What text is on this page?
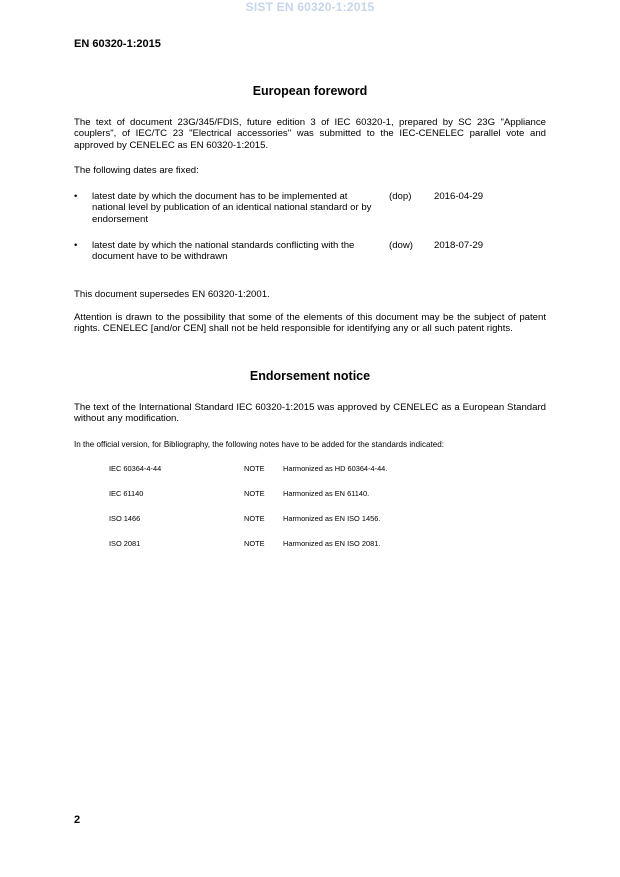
SIST EN 60320-1:2015
EN 60320-1:2015
European foreword
The text of document 23G/345/FDIS, future edition 3 of IEC 60320-1, prepared by SC 23G "Appliance couplers", of IEC/TC 23 "Electrical accessories" was submitted to the IEC-CENELEC parallel vote and approved by CENELEC as EN 60320-1:2015.
The following dates are fixed:
• latest date by which the document has to be implemented at national level by publication of an identical national standard or by endorsement
(dop) 2016-04-29
• latest date by which the national standards conflicting with the document have to be withdrawn
(dow) 2018-07-29
This document supersedes EN 60320-1:2001.
Attention is drawn to the possibility that some of the elements of this document may be the subject of patent rights. CENELEC [and/or CEN] shall not be held responsible for identifying any or all such patent rights.
Endorsement notice
The text of the International Standard IEC 60320-1:2015 was approved by CENELEC as a European Standard without any modification.
In the official version, for Bibliography, the following notes have to be added for the standards indicated:
IEC 60364-4-44	NOTE Harmonized as HD 60364-4-44.
IEC 61140	NOTE Harmonized as EN 61140.
ISO 1466	NOTE Harmonized as EN ISO 1456.
ISO 2081	NOTE Harmonized as EN ISO 2081.
2
